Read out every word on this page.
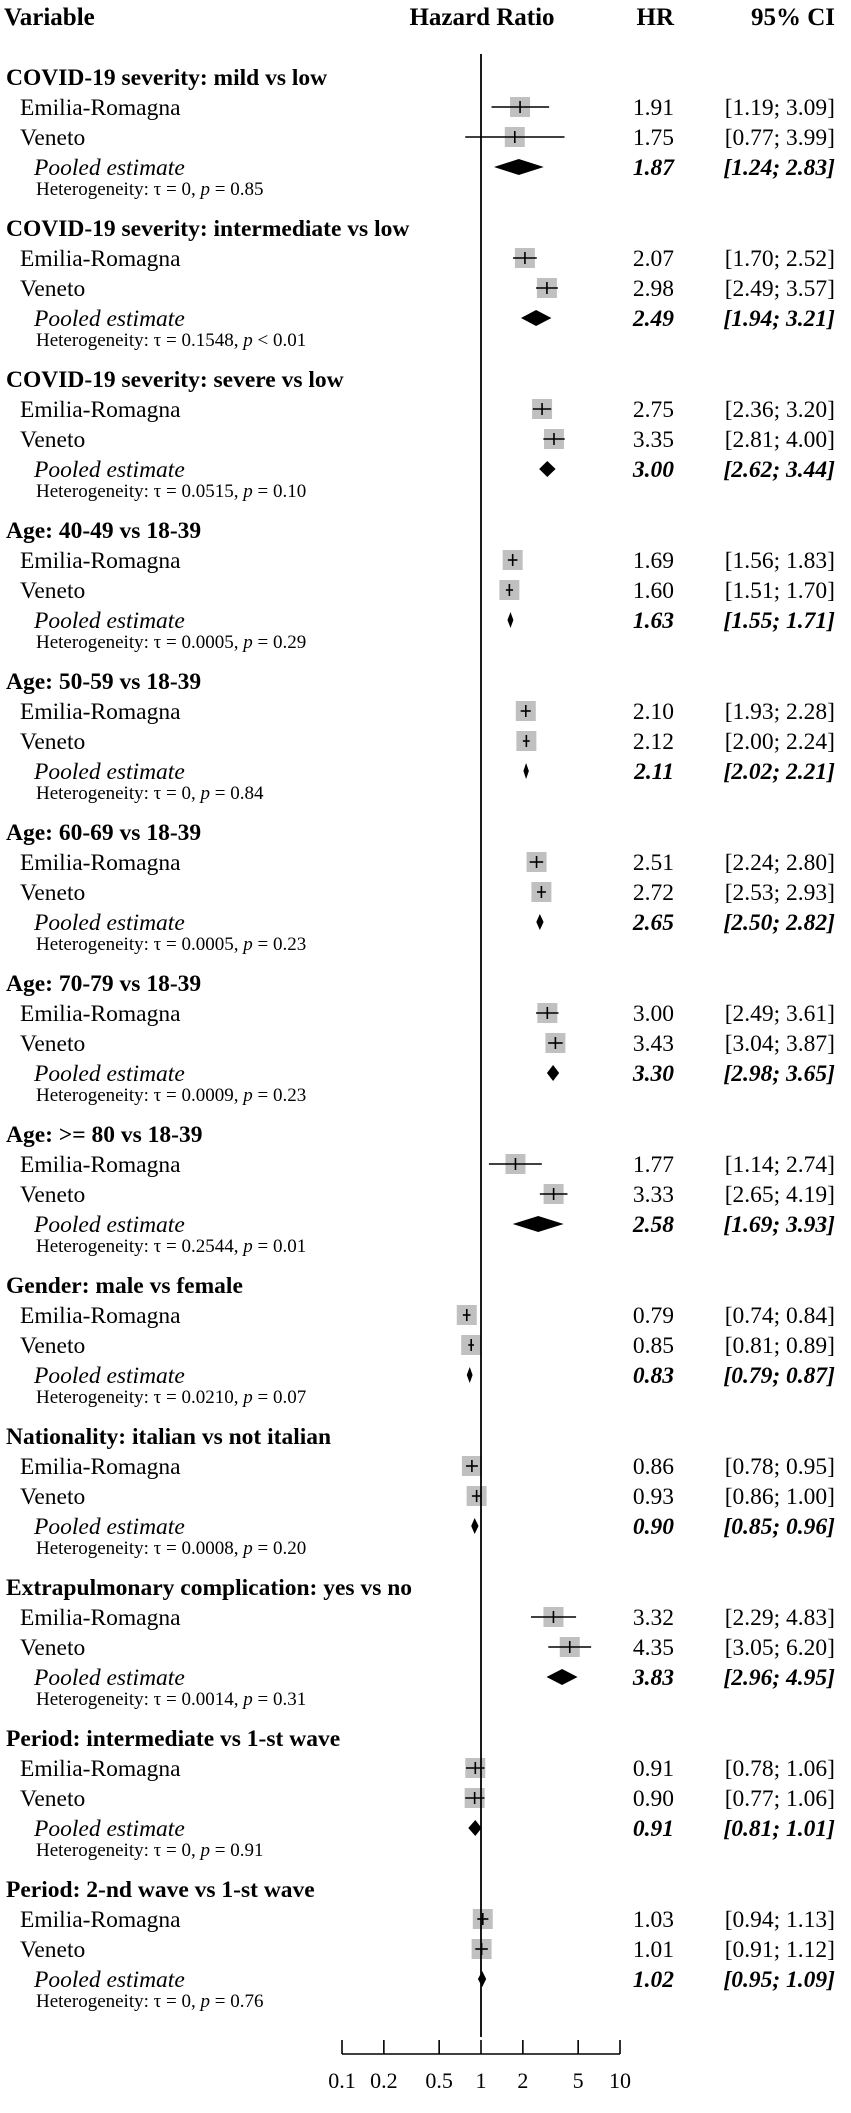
Variable	Hazard Ratio	HR	95% CI
COVID-19 severity: mild vs low
Emilia-Romagna	1.91 [1.19; 3.09]
Veneto	1.75 [0.77; 3.99]
Pooled estimate	1.87 [1.24; 2.83]
Heterogeneity: τ = 0, p = 0.85
COVID-19 severity: intermediate vs low
Emilia-Romagna	2.07 [1.70; 2.52]
Veneto	2.98 [2.49; 3.57]
Pooled estimate	2.49 [1.94; 3.21]
Heterogeneity: τ = 0.1548, p < 0.01
COVID-19 severity: severe vs low
Emilia-Romagna	2.75 [2.36; 3.20]
Veneto	3.35 [2.81; 4.00]
Pooled estimate	3.00 [2.62; 3.44]
Heterogeneity: τ = 0.0515, p = 0.10
Age: 40-49 vs 18-39
Emilia-Romagna	1.69 [1.56; 1.83]
Veneto	1.60 [1.51; 1.70]
Pooled estimate	1.63 [1.55; 1.71]
Heterogeneity: τ = 0.0005, p = 0.29
Age: 50-59 vs 18-39
Emilia-Romagna	2.10 [1.93; 2.28]
Veneto	2.12 [2.00; 2.24]
Pooled estimate	2.11 [2.02; 2.21]
Heterogeneity: τ = 0, p = 0.84
Age: 60-69 vs 18-39
Emilia-Romagna	2.51 [2.24; 2.80]
Veneto	2.72 [2.53; 2.93]
Pooled estimate	2.65 [2.50; 2.82]
Heterogeneity: τ = 0.0005, p = 0.23
Age: 70-79 vs 18-39
Emilia-Romagna	3.00 [2.49; 3.61]
Veneto	3.43 [3.04; 3.87]
Pooled estimate	3.30 [2.98; 3.65]
Heterogeneity: τ = 0.0009, p = 0.23
Age: >= 80 vs 18-39
Emilia-Romagna	1.77 [1.14; 2.74]
Veneto	3.33 [2.65; 4.19]
Pooled estimate	2.58 [1.69; 3.93]
Heterogeneity: τ = 0.2544, p = 0.01
Gender: male vs female
Emilia-Romagna	0.79 [0.74; 0.84]
Veneto	0.85 [0.81; 0.89]
Pooled estimate	0.83 [0.79; 0.87]
Heterogeneity: τ = 0.0210, p = 0.07
Nationality: italian vs not italian
Emilia-Romagna	0.86 [0.78; 0.95]
Veneto	0.93 [0.86; 1.00]
Pooled estimate	0.90 [0.85; 0.96]
Heterogeneity: τ = 0.0008, p = 0.20
Extrapulmonary complication: yes vs no
Emilia-Romagna	3.32 [2.29; 4.83]
Veneto	4.35 [3.05; 6.20]
Pooled estimate	3.83 [2.96; 4.95]
Heterogeneity: τ = 0.0014, p = 0.31
Period: intermediate vs 1-st wave
Emilia-Romagna	0.91 [0.78; 1.06]
Veneto	0.90 [0.77; 1.06]
Pooled estimate	0.91 [0.81; 1.01]
Heterogeneity: τ = 0, p = 0.91
Period: 2-nd wave vs 1-st wave
Emilia-Romagna	1.03 [0.94; 1.13]
Veneto	1.01 [0.91; 1.12]
Pooled estimate	1.02 [0.95; 1.09]
Heterogeneity: τ = 0, p = 0.76
0.1 0.2 0.5 1 2 5 10
